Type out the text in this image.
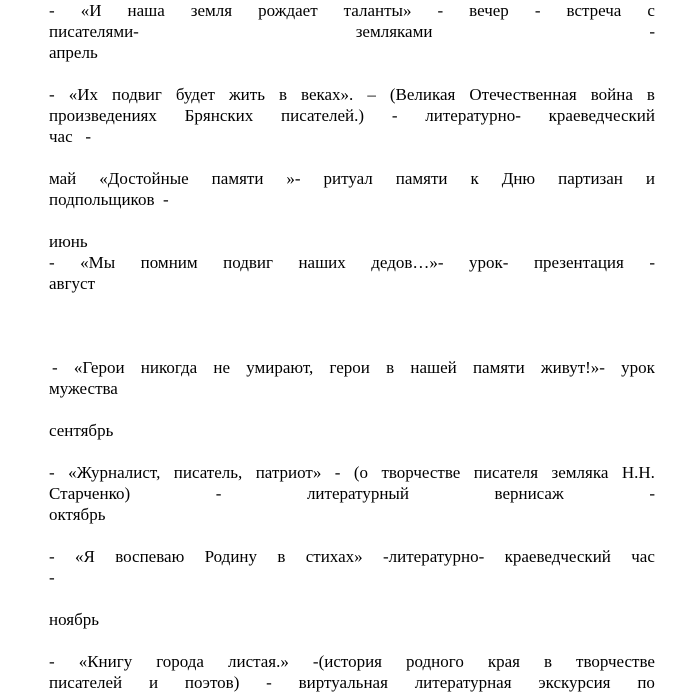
- «И наша земля рождает таланты» - вечер - встреча с
писателями-	земляками	-
апрель
- «Их подвиг будет жить в веках». – (Великая Отечественная война в
произведениях Брянских писателей.) - литературно- краеведческий
час   -
май «Достойные памяти »- ритуал памяти к Дню партизан и
подпольщиков  -
июнь
- «Мы помним подвиг наших дедов…»- урок- презентация -
август
- «Герои никогда не умирают, герои в нашей памяти живут!»- урок
мужества
сентябрь
- «Журналист, писатель, патриот» - (о творчестве писателя земляка Н.Н.
Старченко)	-	литературный	вернисаж	-
октябрь
- «Я воспеваю Родину в стихах» -литературно- краеведческий час
-
ноябрь
- «Книгу города листая.» -(история родного края в творчестве
писателей и поэтов) - виртуальная литературная экскурсия по
